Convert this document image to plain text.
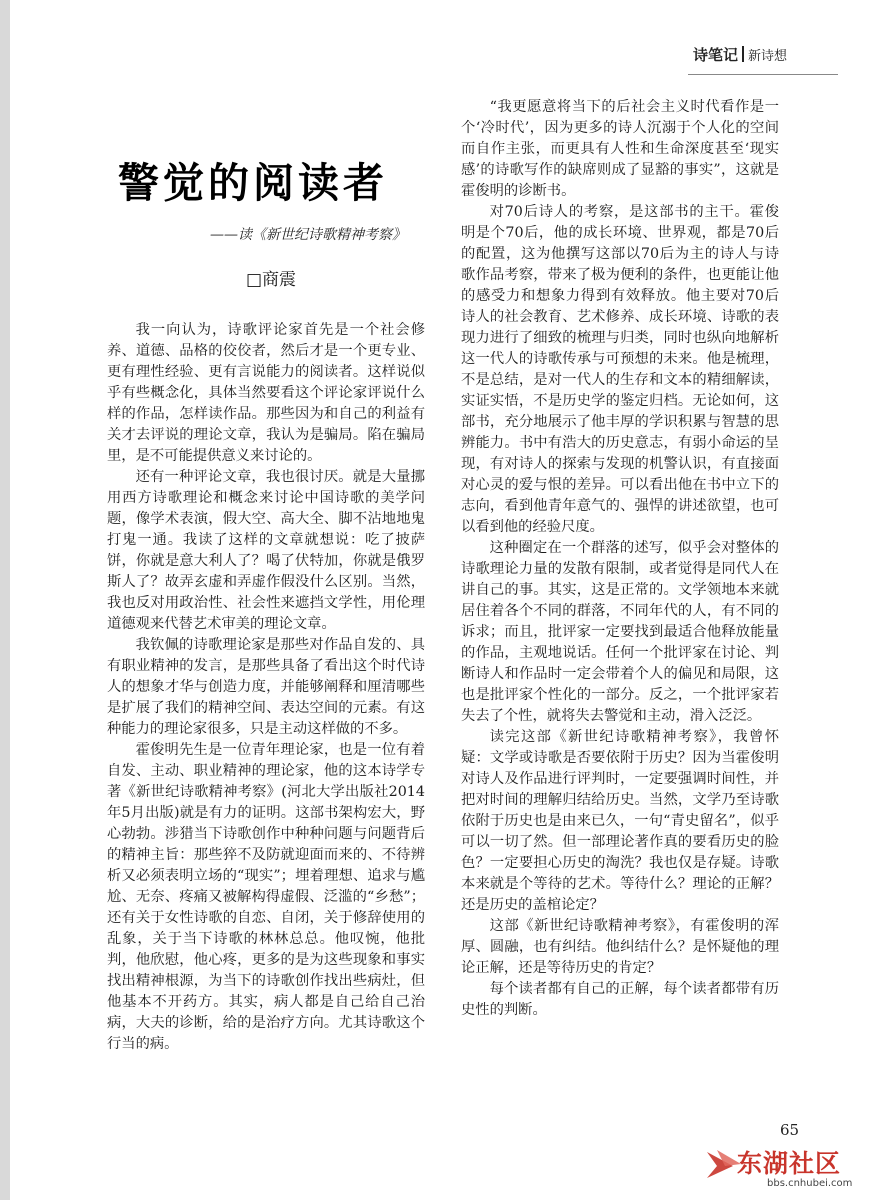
诗笔记 新诗想
警觉的阅读者
——读《新世纪诗歌精神考察》
□商震

我一向认为，诗歌评论家首先是一个社会修养、道德、品格的佼佼者，然后才是一个更专业、更有理性经验、更有言说能力的阅读者。这样说似乎有些概念化，具体当然要看这个评论家评说什么样的作品，怎样读作品。那些因为和自己的利益有关才去评说的理论文章，我认为是骗局。陷在骗局里，是不可能提供意义来讨论的。

还有一种评论文章，我也很讨厌。就是大量挪用西方诗歌理论和概念来讨论中国诗歌的美学问题，像学术表演，假大空、高大全、脚不沾地地鬼打鬼一通。我读了这样的文章就想说：吃了披萨饼，你就是意大利人了？喝了伏特加，你就是俄罗斯人了？故弄玄虚和弄虚作假没什么区别。当然，我也反对用政治性、社会性来遮挡文学性，用伦理道德观来代替艺术审美的理论文章。

我钦佩的诗歌理论家是那些对作品自发的、具有职业精神的发言，是那些具备了看出这个时代诗人的想象才华与创造力度，并能够阐释和厘清哪些是扩展了我们的精神空间、表达空间的元素。有这种能力的理论家很多，只是主动这样做的不多。

霍俊明先生是一位青年理论家，也是一位有着自发、主动、职业精神的理论家，他的这本诗学专著《新世纪诗歌精神考察》(河北大学出版社2014年5月出版)就是有力的证明。这部书架构宏大，野心勃勃。涉猎当下诗歌创作中种种问题与问题背后的精神主旨：那些猝不及防就迎面而来的、不待辨析又必须表明立场的“现实”；埋着理想、追求与尴尬、无奈、疼痛又被解构得虚假、泛滥的“乡愁”；还有关于女性诗歌的自恋、自闭，关于修辞使用的乱象，关于当下诗歌的林林总总。他叹惋，他批判，他欣慰，他心疼，更多的是为这些现象和事实找出精神根源，为当下的诗歌创作找出些病灶，但他基本不开药方。其实，病人都是自己给自己治病，大夫的诊断，给的是治疗方向。尤其诗歌这个行当的病。

“我更愿意将当下的后社会主义时代看作是一个‘冷时代’，因为更多的诗人沉溺于个人化的空间而自作主张，而更具有人性和生命深度甚至‘现实感’的诗歌写作的缺席则成了显豁的事实”，这就是霍俊明的诊断书。

对70后诗人的考察，是这部书的主干。霍俊明是个70后，他的成长环境、世界观，都是70后的配置，这为他撰写这部以70后为主的诗人与诗歌作品考察，带来了极为便利的条件，也更能让他的感受力和想象力得到有效释放。他主要对70后诗人的社会教育、艺术修养、成长环境、诗歌的表现力进行了细致的梳理与归类，同时也纵向地解析这一代人的诗歌传承与可预想的未来。他是梳理，不是总结，是对一代人的生存和文本的精细解读，实证实悟，不是历史学的鉴定归档。无论如何，这部书，充分地展示了他丰厚的学识积累与智慧的思辨能力。书中有浩大的历史意志，有弱小命运的呈现，有对诗人的探索与发现的机警认识，有直接面对心灵的爱与恨的差异。可以看出他在书中立下的志向，看到他青年意气的、强悍的讲述欲望，也可以看到他的经验尺度。

这种圈定在一个群落的述写，似乎会对整体的诗歌理论力量的发散有限制，或者觉得是同代人在讲自己的事。其实，这是正常的。文学领地本来就居住着各个不同的群落，不同年代的人，有不同的诉求；而且，批评家一定要找到最适合他释放能量的作品，主观地说话。任何一个批评家在讨论、判断诗人和作品时一定会带着个人的偏见和局限，这也是批评家个性化的一部分。反之，一个批评家若失去了个性，就将失去警觉和主动，滑入泛泛。

读完这部《新世纪诗歌精神考察》，我曾怀疑：文学或诗歌是否要依附于历史？因为当霍俊明对诗人及作品进行评判时，一定要强调时间性，并把对时间的理解归结给历史。当然，文学乃至诗歌依附于历史也是由来已久，一句“青史留名”，似乎可以一切了然。但一部理论著作真的要看历史的脸色？一定要担心历史的淘洗？我也仅是存疑。诗歌本来就是个等待的艺术。等待什么？理论的正解？还是历史的盖棺论定？

这部《新世纪诗歌精神考察》，有霍俊明的浑厚、圆融，也有纠结。他纠结什么？是怀疑他的理论正解，还是等待历史的肯定？

每个读者都有自己的正解，每个读者都带有历史性的判断。

65
东湖社区
bbs.cnhubei.com
